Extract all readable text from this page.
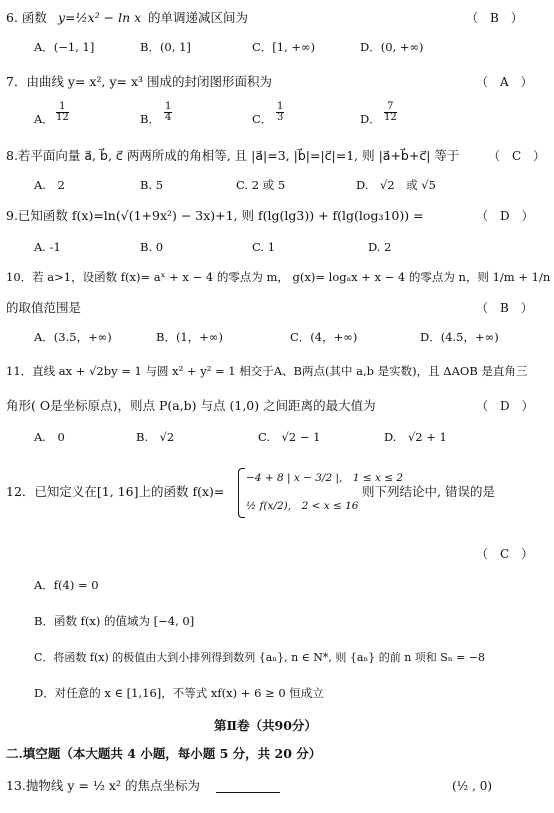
6. 函数 y=½x² − ln x 的单调递减区间为	（　B　）
A．(−1, 1]	B．(0, 1]	C．[1, +∞)	D．(0, +∞)
7．由曲线 y= x², y= x³ 围成的封闭图形面积为	（　A　）
A． $\frac{1}{12}$	B． $\frac{1}{4}$	C． $\frac{1}{3}$	D． $\frac{7}{12}$
8.若平面向量 a⃗, b⃗, c⃗ 两两所成的角相等, 且 |a⃗|=3, |b⃗|=|c⃗|=1, 则 |a⃗+b⃗+c⃗| 等于 （　C　）
A.　2	B. 5	C. 2 或 5	D.　√2　或 √5
9.已知函数 f(x)=ln(√(1+9x²) − 3x)+1, 则 f(lg(lg3)) + f(lg(log₃10)) =	（　D　）
A. -1	B. 0	C. 1	D. 2
10．若 a>1，设函数 f(x)= aˣ + x − 4 的零点为 m， g(x)= logₐx + x − 4 的零点为 n，则 1/m + 1/n
的取值范围是	（　B　）
A．(3.5，+∞)	B．(1，+∞)	C．(4，+∞)	D．(4.5，+∞)
11．直线 ax + √2by = 1 与圆 x² + y² = 1 相交于A、B两点(其中 a,b 是实数)，且 ΔAOB 是直角三
角形( O是坐标原点)，则点 P(a,b) 与点 (1,0) 之间距离的最大值为	（　D　）
A.　0	B.　√2	C.　√2 − 1	D.　√2 + 1
12．已知定义在[1, 16]上的函数 f(x)=
−4 + 8 | x − 3/2 |,　1 ≤ x ≤ 2
½ f(x/2),　2 < x ≤ 16
则下列结论中, 错误的是
（　C　）
A．f(4) = 0
B．函数 f(x) 的值域为 [−4, 0]
C．将函数 f(x) 的极值由大到小排列得到数列 {aₙ}, n ∈ N*, 则 {aₙ} 的前 n 项和 Sₙ = −8
D．对任意的 x ∈ [1,16]，不等式 xf(x) + 6 ≥ 0 恒成立
第Ⅱ卷（共90分）
二.填空题（本大题共 4 小题，每小题 5 分，共 20 分）
13.抛物线 y = ½ x² 的焦点坐标为	(½ , 0)
